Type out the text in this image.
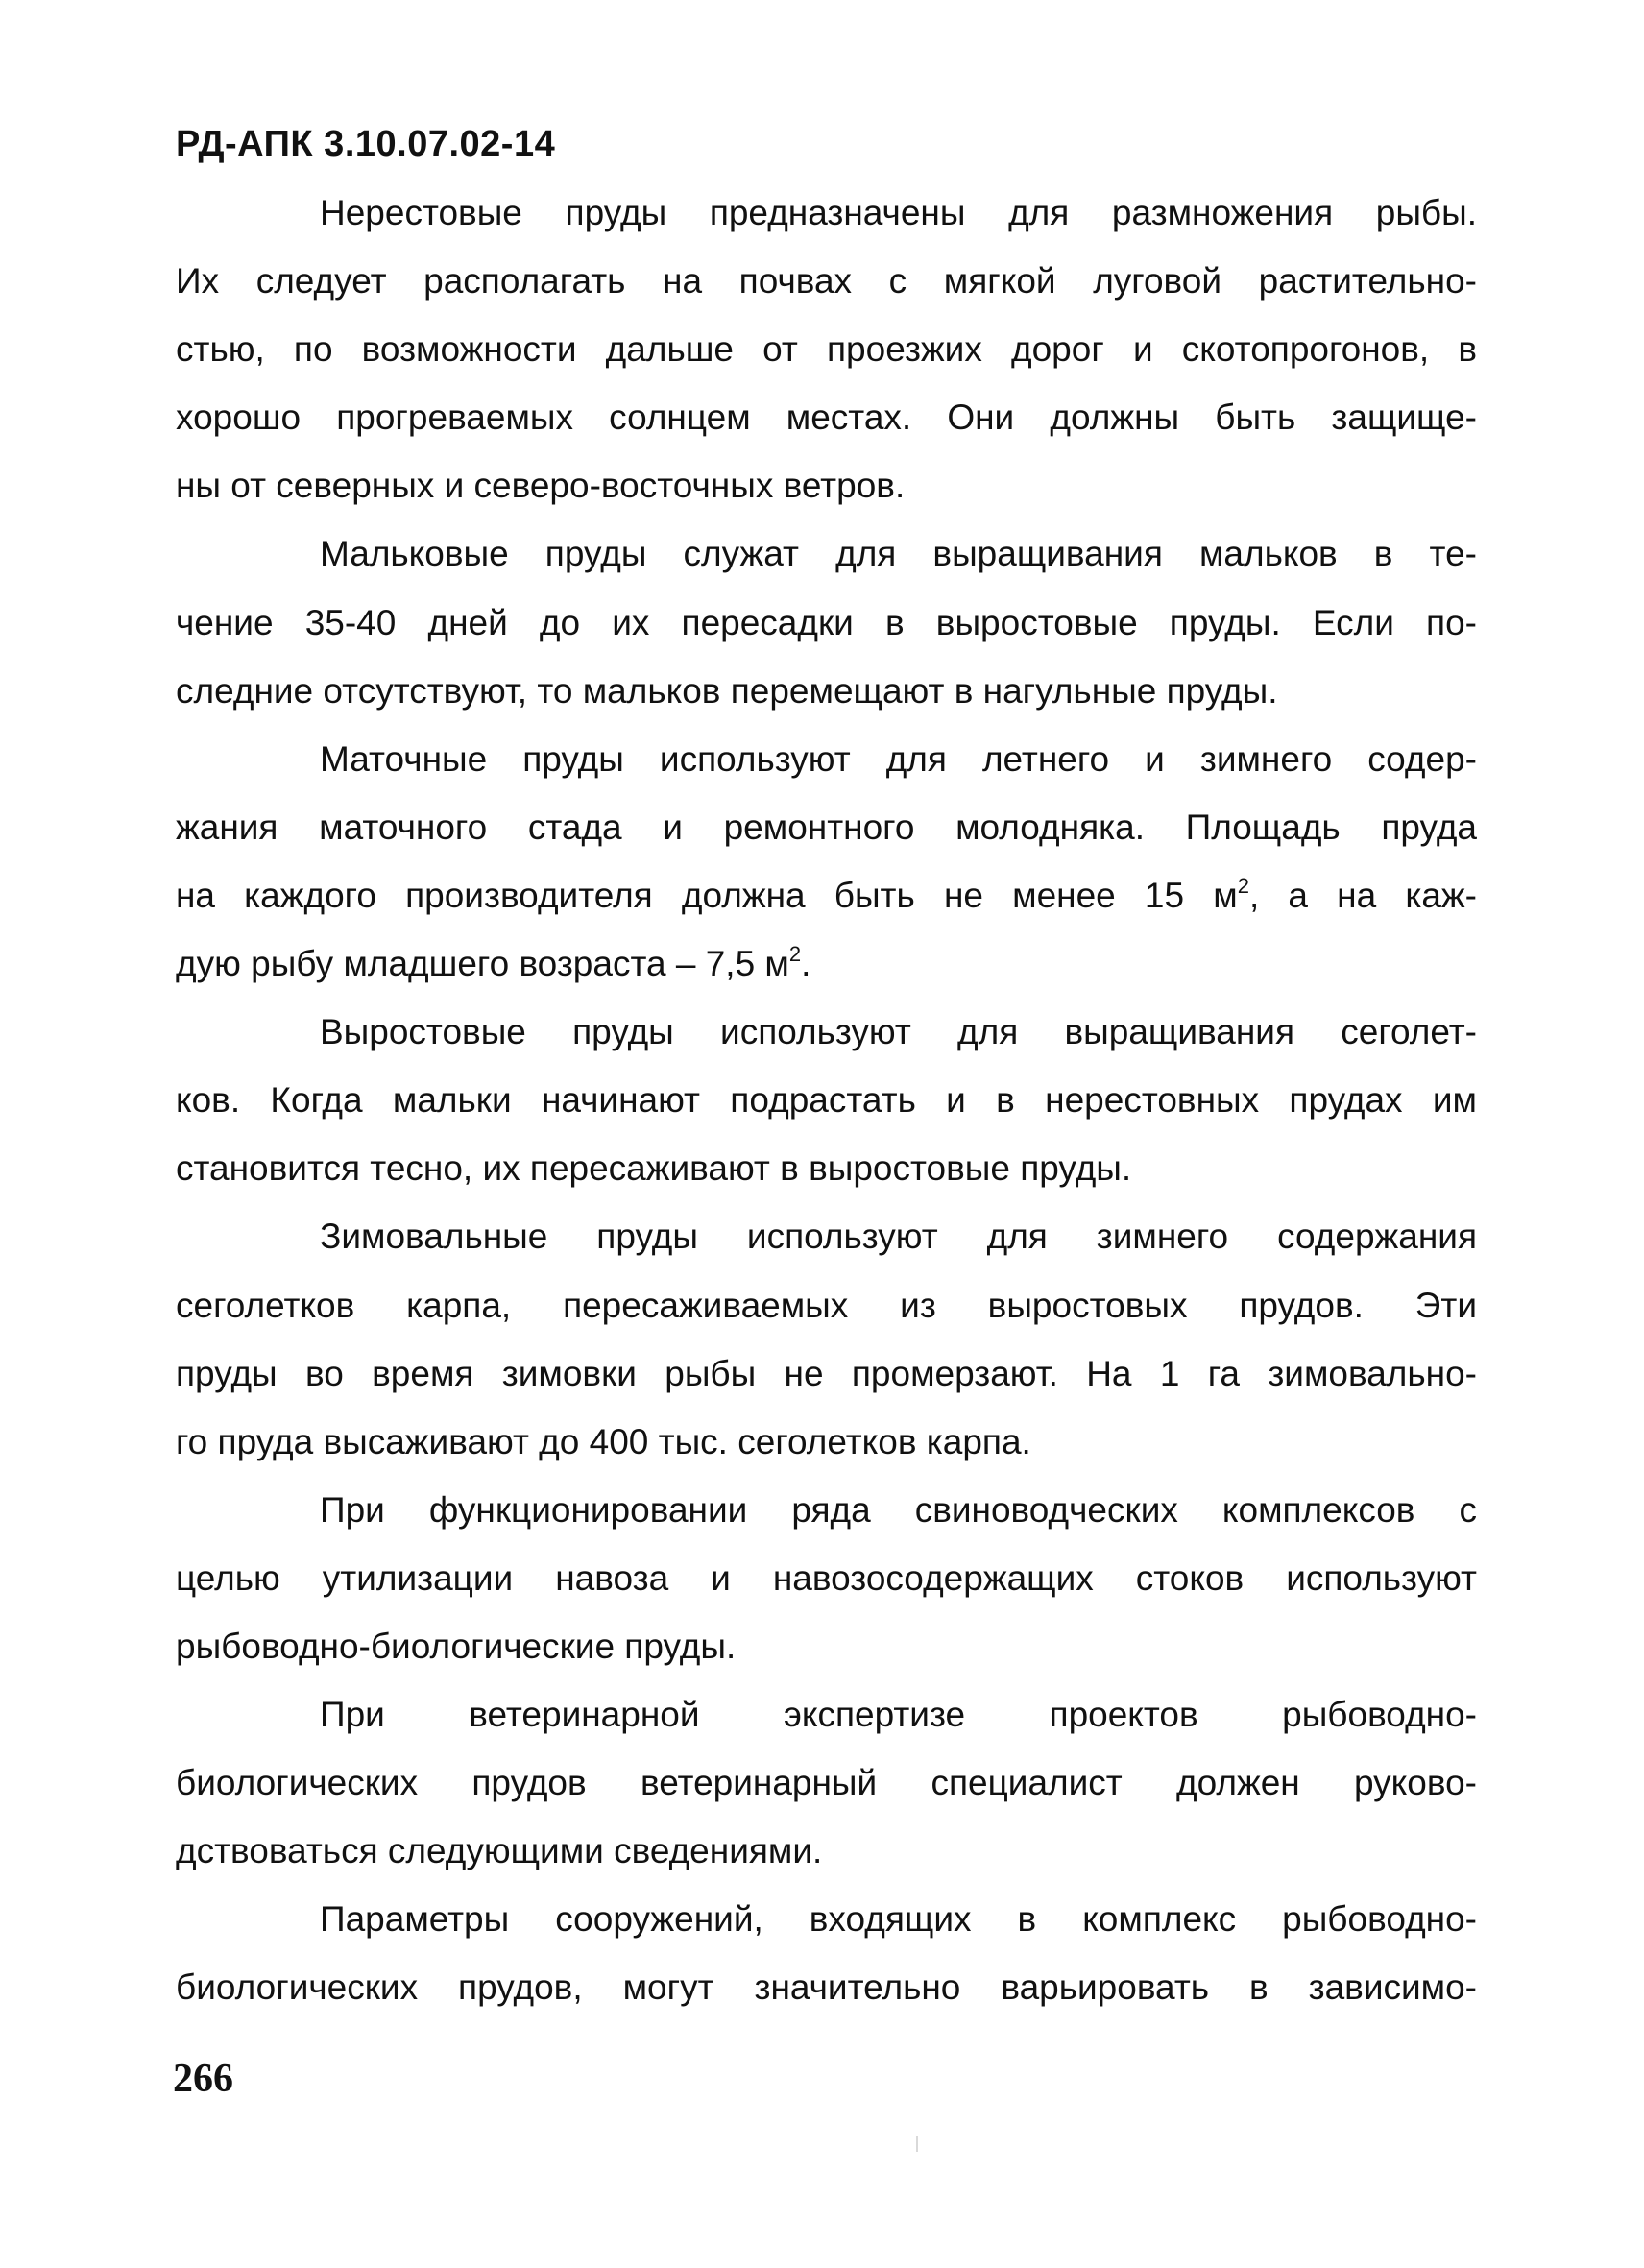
РД-АПК 3.10.07.02-14
Нерестовые пруды предназначены для размножения рыбы.
Их следует располагать на почвах с мягкой луговой растительно-
стью, по возможности дальше от проезжих дорог и скотопрогонов, в
хорошо прогреваемых солнцем местах. Они должны быть защище-
ны от северных и северо-восточных ветров.
Мальковые пруды служат для выращивания мальков в те-
чение 35-40 дней до их пересадки в выростовые пруды. Если по-
следние отсутствуют, то мальков перемещают в нагульные пруды.
Маточные пруды используют для летнего и зимнего содер-
жания маточного стада и ремонтного молодняка. Площадь пруда
на каждого производителя должна быть не менее 15 $м^2$, а на каж-
дую рыбу младшего возраста – 7,5 $м^2$.
Выростовые пруды используют для выращивания сеголет-
ков. Когда мальки начинают подрастать и в нерестовных прудах им
становится тесно, их пересаживают в выростовые пруды.
Зимовальные пруды используют для зимнего содержания
сеголетков карпа, пересаживаемых из выростовых прудов. Эти
пруды во время зимовки рыбы не промерзают. На 1 га зимовально-
го пруда высаживают до 400 тыс. сеголетков карпа.
При функционировании ряда свиноводческих комплексов с
целью утилизации навоза и навозосодержащих стоков используют
рыбоводно-биологические пруды.
При ветеринарной экспертизе проектов рыбоводно-
биологических прудов ветеринарный специалист должен руково-
дствоваться следующими сведениями.
Параметры сооружений, входящих в комплекс рыбоводно-
биологических прудов, могут значительно варьировать в зависимо-
266
